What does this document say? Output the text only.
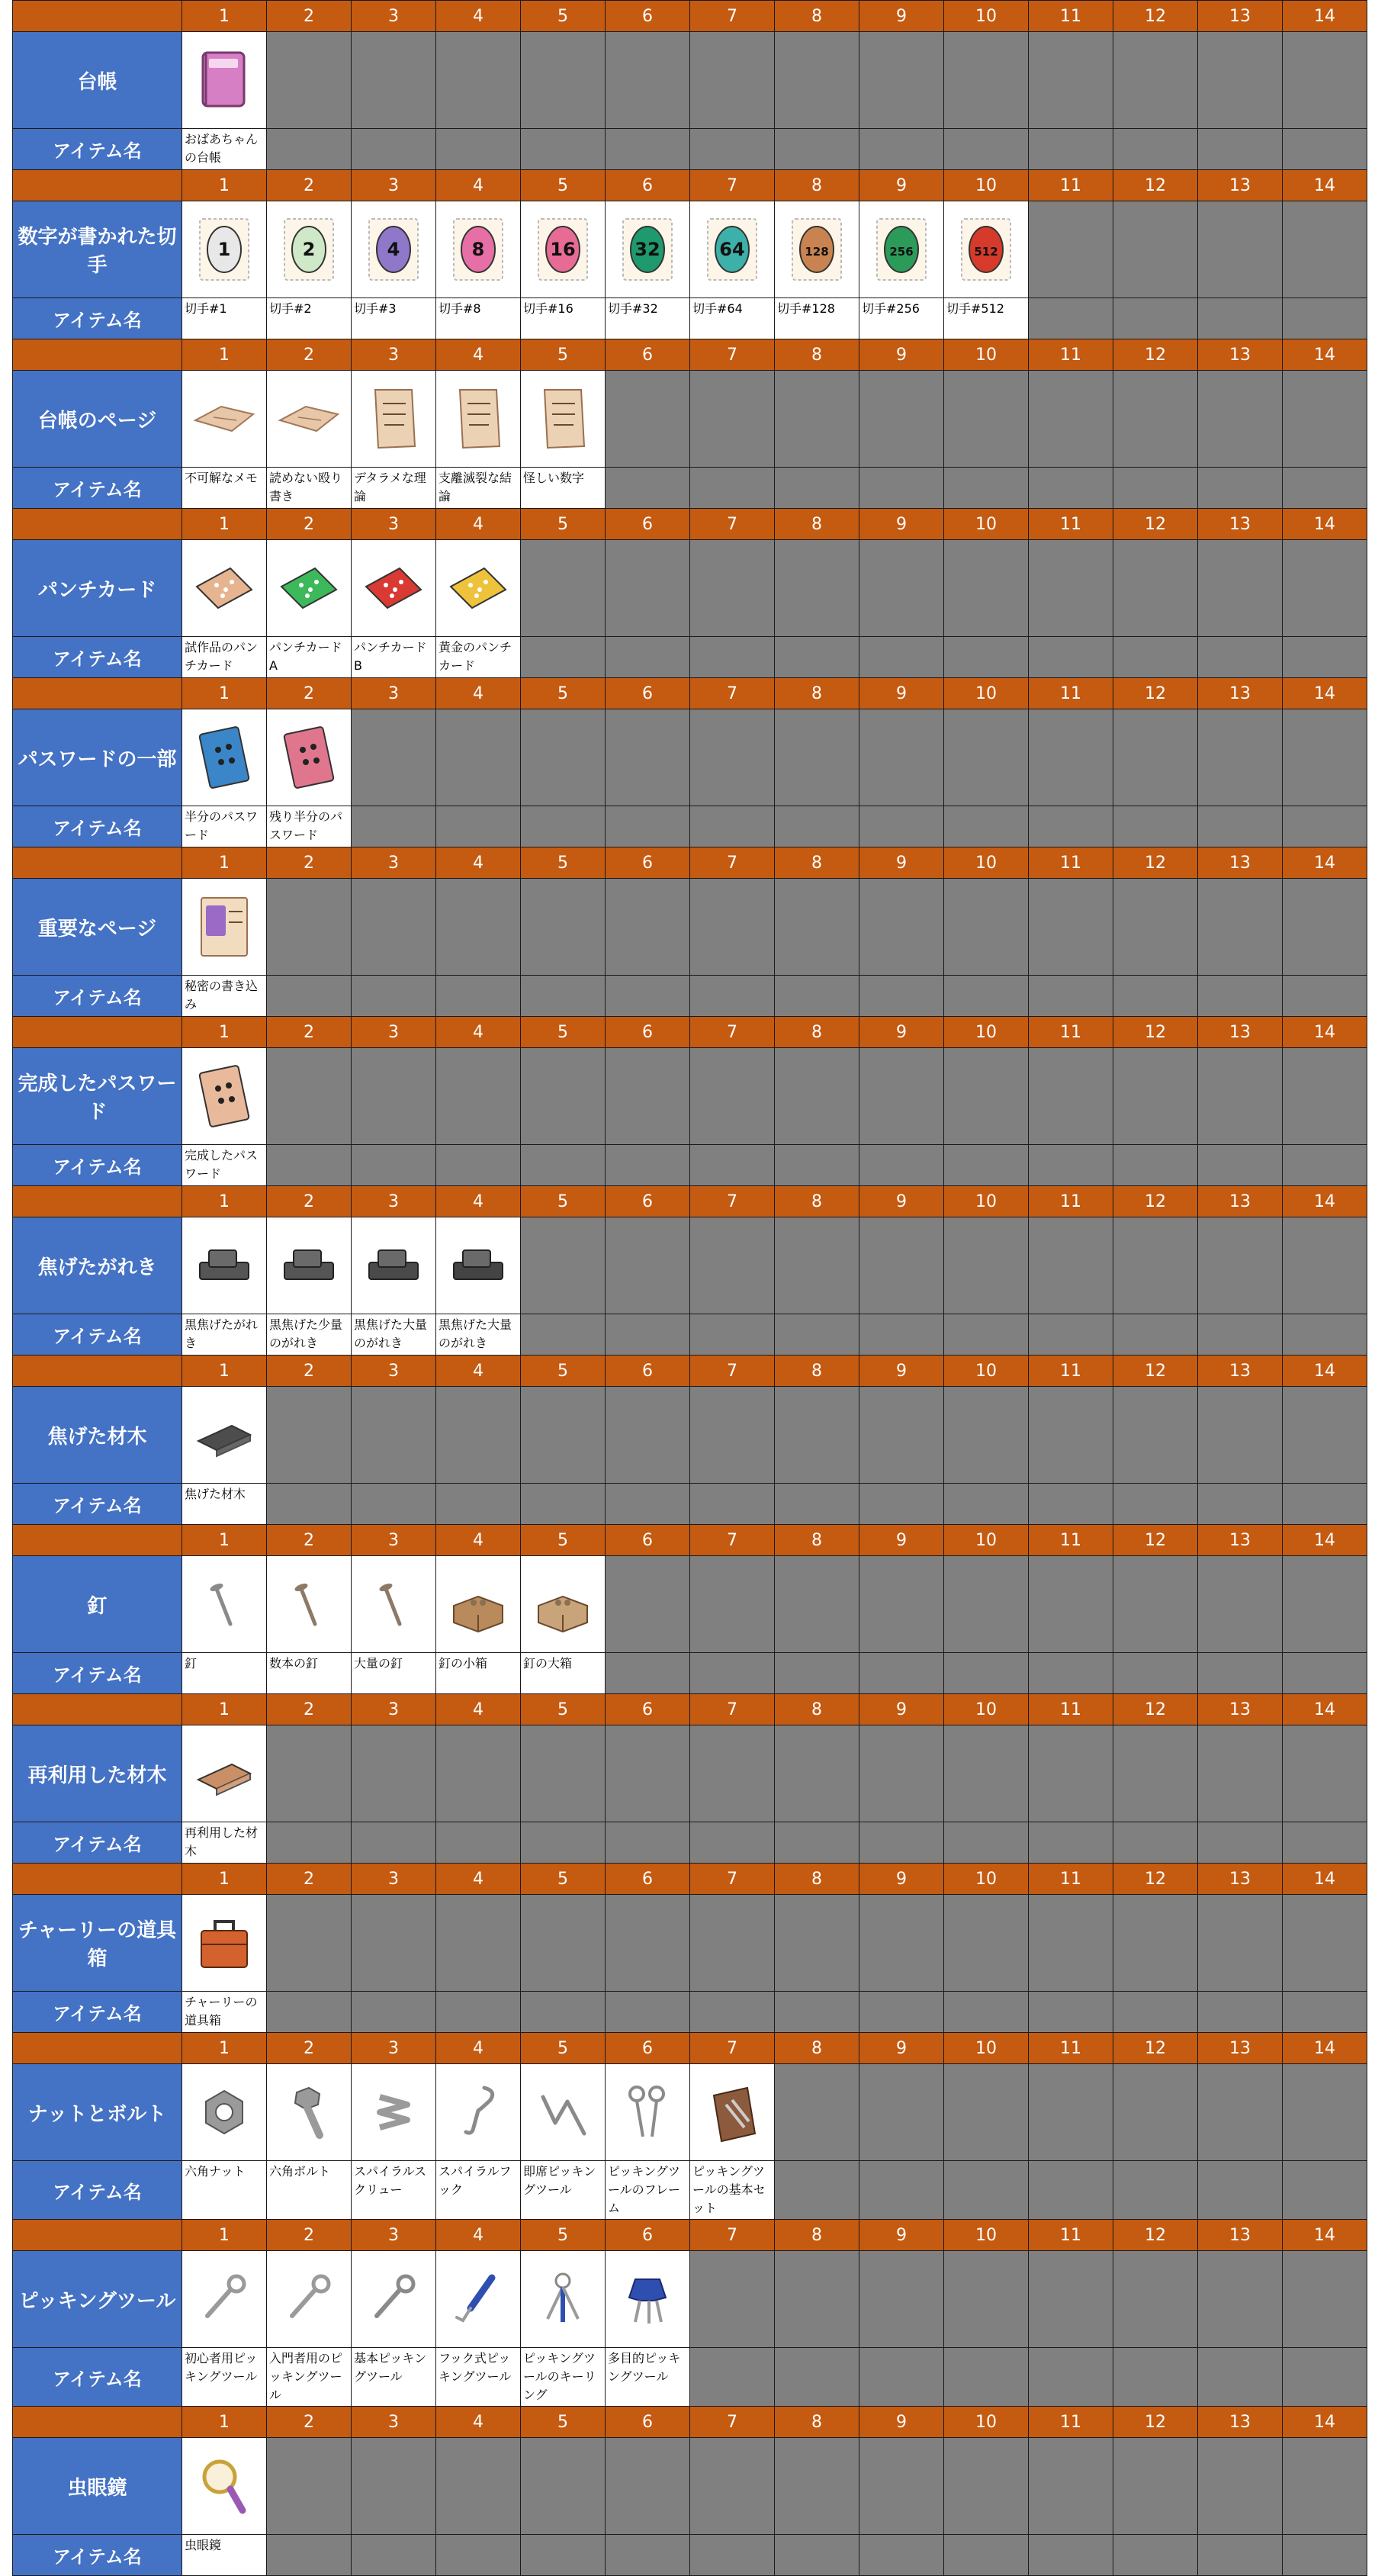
	1	2	3	4	5	6	7	8	9	10	11	12	13	14
台帳	

アイテム名	おばあちゃんの台帳													
	1	2	3	4	5	6	7	8	9	10	11	12	13	14
数字が書かれた切手	1	2	4	8	16	32	64	128	256	512				

アイテム名	切手#1	切手#2	切手#3	切手#8	切手#16	切手#32	切手#64	切手#128	切手#256	切手#512				
	1	2	3	4	5	6	7	8	9	10	11	12	13	14
台帳のページ	

アイテム名	不可解なメモ	読めない殴り書き	デタラメな理論	支離滅裂な結論	怪しい数字									
	1	2	3	4	5	6	7	8	9	10	11	12	13	14
パンチカード	

アイテム名	試作品のパンチカード	パンチカードA	パンチカードB	黄金のパンチカード										
	1	2	3	4	5	6	7	8	9	10	11	12	13	14
パスワードの一部	

アイテム名	半分のパスワード	残り半分のパスワード												
	1	2	3	4	5	6	7	8	9	10	11	12	13	14
重要なページ	

アイテム名	秘密の書き込み													
	1	2	3	4	5	6	7	8	9	10	11	12	13	14
完成したパスワード	

アイテム名	完成したパスワード													
	1	2	3	4	5	6	7	8	9	10	11	12	13	14
焦げたがれき	

アイテム名	黒焦げたがれき	黒焦げた少量のがれき	黒焦げた大量のがれき	黒焦げた大量のがれき										
	1	2	3	4	5	6	7	8	9	10	11	12	13	14
焦げた材木	

アイテム名	焦げた材木													
	1	2	3	4	5	6	7	8	9	10	11	12	13	14
釘	

アイテム名	釘	数本の釘	大量の釘	釘の小箱	釘の大箱									
	1	2	3	4	5	6	7	8	9	10	11	12	13	14
再利用した材木	

アイテム名	再利用した材木													
	1	2	3	4	5	6	7	8	9	10	11	12	13	14
チャーリーの道具箱	

アイテム名	チャーリーの道具箱													
	1	2	3	4	5	6	7	8	9	10	11	12	13	14
ナットとボルト	

アイテム名	六角ナット	六角ボルト	スパイラルスクリュー	スパイラルフック	即席ピッキングツール	ピッキングツールのフレーム	ピッキングツールの基本セット							
	1	2	3	4	5	6	7	8	9	10	11	12	13	14
ピッキングツール	

アイテム名	初心者用ピッキングツール	入門者用のピッキングツール	基本ピッキングツール	フック式ピッキングツール	ピッキングツールのキーリング	多目的ピッキングツール								
	1	2	3	4	5	6	7	8	9	10	11	12	13	14
虫眼鏡	

アイテム名	虫眼鏡													
